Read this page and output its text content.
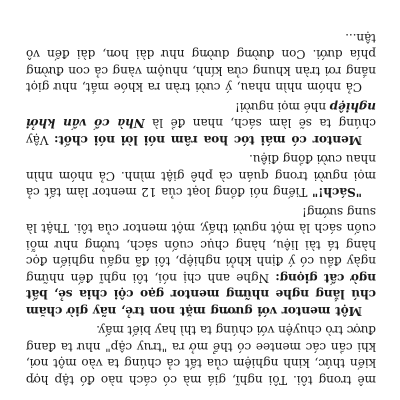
mê trong tôi. Tôi nghĩ, giá mà có cách nào đó tập hợp kiến thức, kinh nghiệm của tất cả chúng ta vào một nơi, khi cần các mentee có thể mở ra "truy cập" như ta đang được trò chuyện với chúng ta thì hay biết mấy.

Một mentor với gương mặt non trẻ, nãy giờ chăm chú lắng nghe những mentor gạo cội chia sẻ, bất ngờ cất giọng: Nghe anh chị nói, tôi nghĩ đến những ngày đầu có ý định khởi nghiệp, tôi đã ngấu nghiến đọc hàng tá tài liệu, hàng chục cuốn sách, tưởng như mỗi cuốn sách là một người thấy, một mentor của tôi. Thật là sung sướng!

"Sách!" Tiếng nói đồng loạt của 12 mentor làm tất cả mọi người trong quán cà phê giật mình. Cả nhóm nhìn nhau cười đồng điệu.

Mentor có mái tóc hoa râm nói lời nói chốt: Vậy chúng ta sẽ làm sách, nhan đề là Nhà cố vấn khởi nghiệp nhé mọi người!

Cả nhóm nhìn nhau, ý cười tràn ra khóe mắt, như giọt nắng rơi tràn khung cửa kính, nhuộm vàng cả con đường phía dưới. Con đường dường như dài hơn, dài đến vô tận...
